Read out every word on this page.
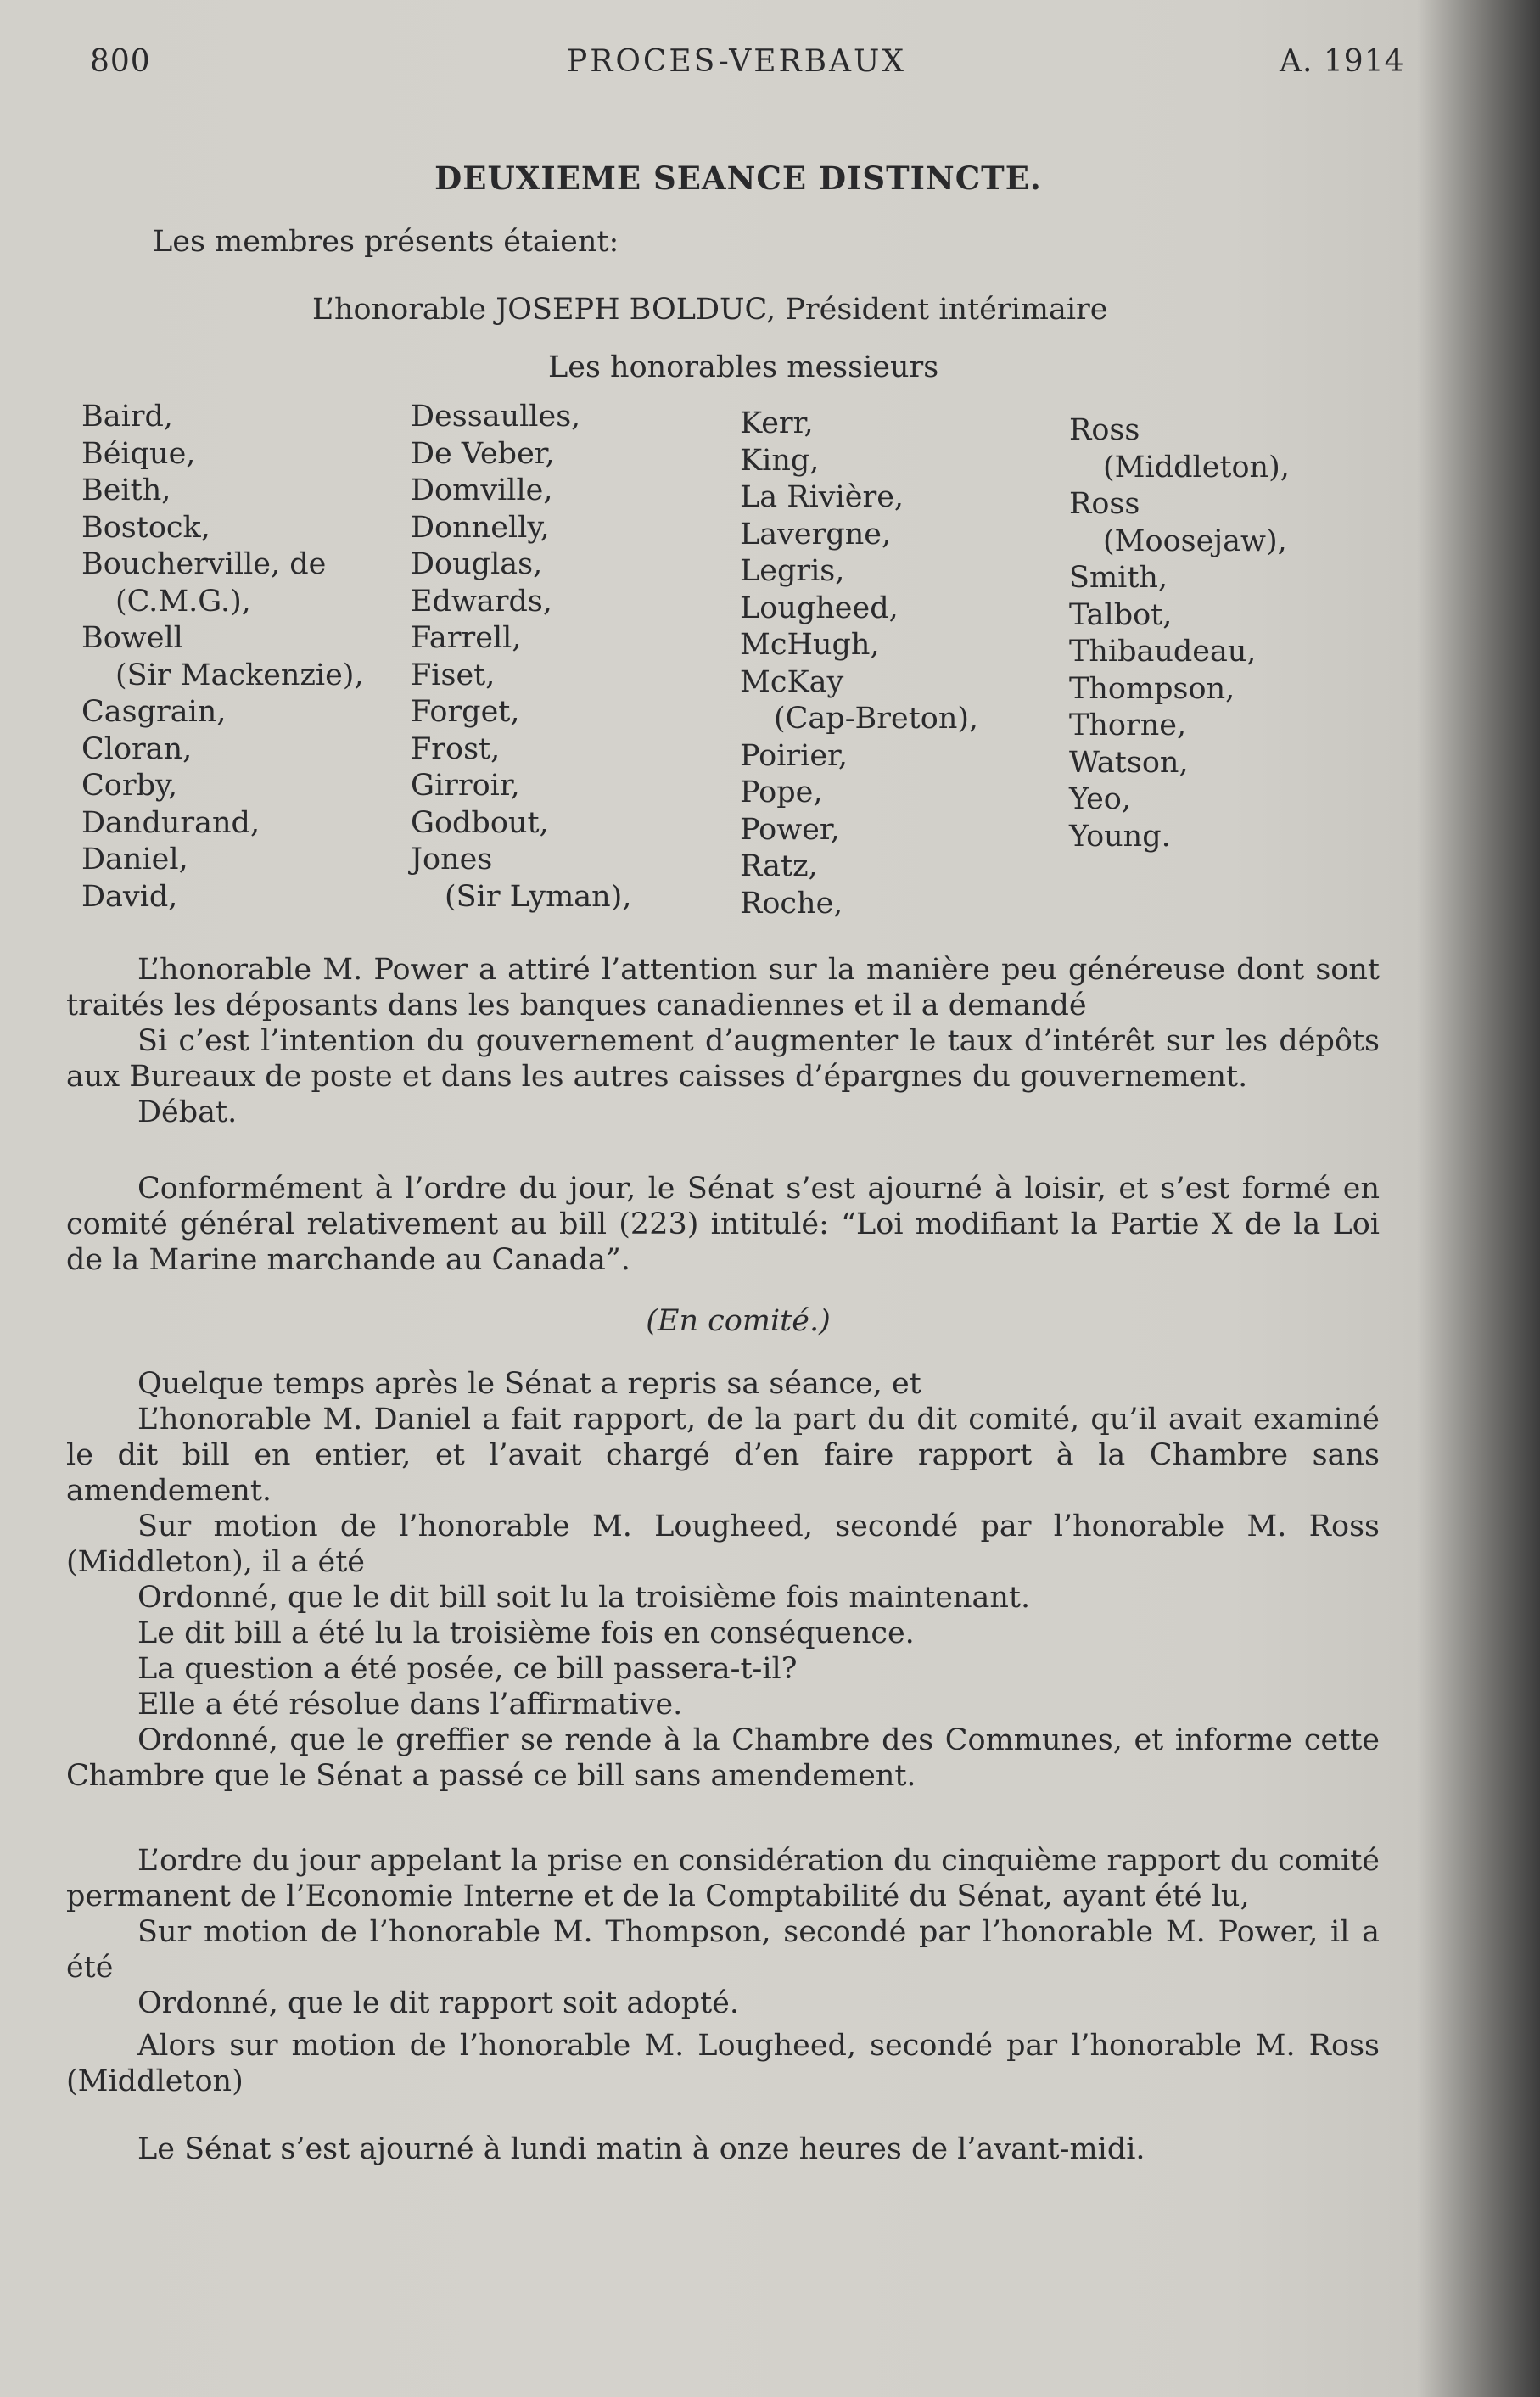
800	PROCES-VERBAUX	A. 1914
DEUXIEME SEANCE DISTINCTE.
Les membres présents étaient:
L’honorable JOSEPH BOLDUC, Président intérimaire
Les honorables messieurs
Baird,
Béique,
Beith,
Bostock,
Boucherville, de
(C.M.G.),
Bowell
(Sir Mackenzie),
Casgrain,
Cloran,
Corby,
Dandurand,
Daniel,
David,
Dessaulles,
De Veber,
Domville,
Donnelly,
Douglas,
Edwards,
Farrell,
Fiset,
Forget,
Frost,
Girroir,
Godbout,
Jones
(Sir Lyman),
Kerr,
King,
La Rivière,
Lavergne,
Legris,
Lougheed,
McHugh,
McKay
(Cap-Breton),
Poirier,
Pope,
Power,
Ratz,
Roche,
Ross
(Middleton),
Ross
(Moosejaw),
Smith,
Talbot,
Thibaudeau,
Thompson,
Thorne,
Watson,
Yeo,
Young.

L’honorable M. Power a attiré l’attention sur la manière peu généreuse dont sont traités les déposants dans les banques canadiennes et il a demandé

Si c’est l’intention du gouvernement d’augmenter le taux d’intérêt sur les dépôts aux Bureaux de poste et dans les autres caisses d’épargnes du gouvernement.

Débat.

Conformément à l’ordre du jour, le Sénat s’est ajourné à loisir, et s’est formé en comité général relativement au bill (223) intitulé: “Loi modifiant la Partie X de la Loi de la Marine marchande au Canada”.

(En comité.)

Quelque temps après le Sénat a repris sa séance, et

L’honorable M. Daniel a fait rapport, de la part du dit comité, qu’il avait examiné le dit bill en entier, et l’avait chargé d’en faire rapport à la Chambre sans amendement.

Sur motion de l’honorable M. Lougheed, secondé par l’honorable M. Ross (Middleton), il a été

Ordonné, que le dit bill soit lu la troisième fois maintenant.

Le dit bill a été lu la troisième fois en conséquence.

La question a été posée, ce bill passera-t-il?

Elle a été résolue dans l’affirmative.

Ordonné, que le greffier se rende à la Chambre des Communes, et informe cette Chambre que le Sénat a passé ce bill sans amendement.

L’ordre du jour appelant la prise en considération du cinquième rapport du comité permanent de l’Economie Interne et de la Comptabilité du Sénat, ayant été lu,

Sur motion de l’honorable M. Thompson, secondé par l’honorable M. Power, il a été

Ordonné, que le dit rapport soit adopté.

Alors sur motion de l’honorable M. Lougheed, secondé par l’honorable M. Ross (Middleton)

Le Sénat s’est ajourné à lundi matin à onze heures de l’avant-midi.
